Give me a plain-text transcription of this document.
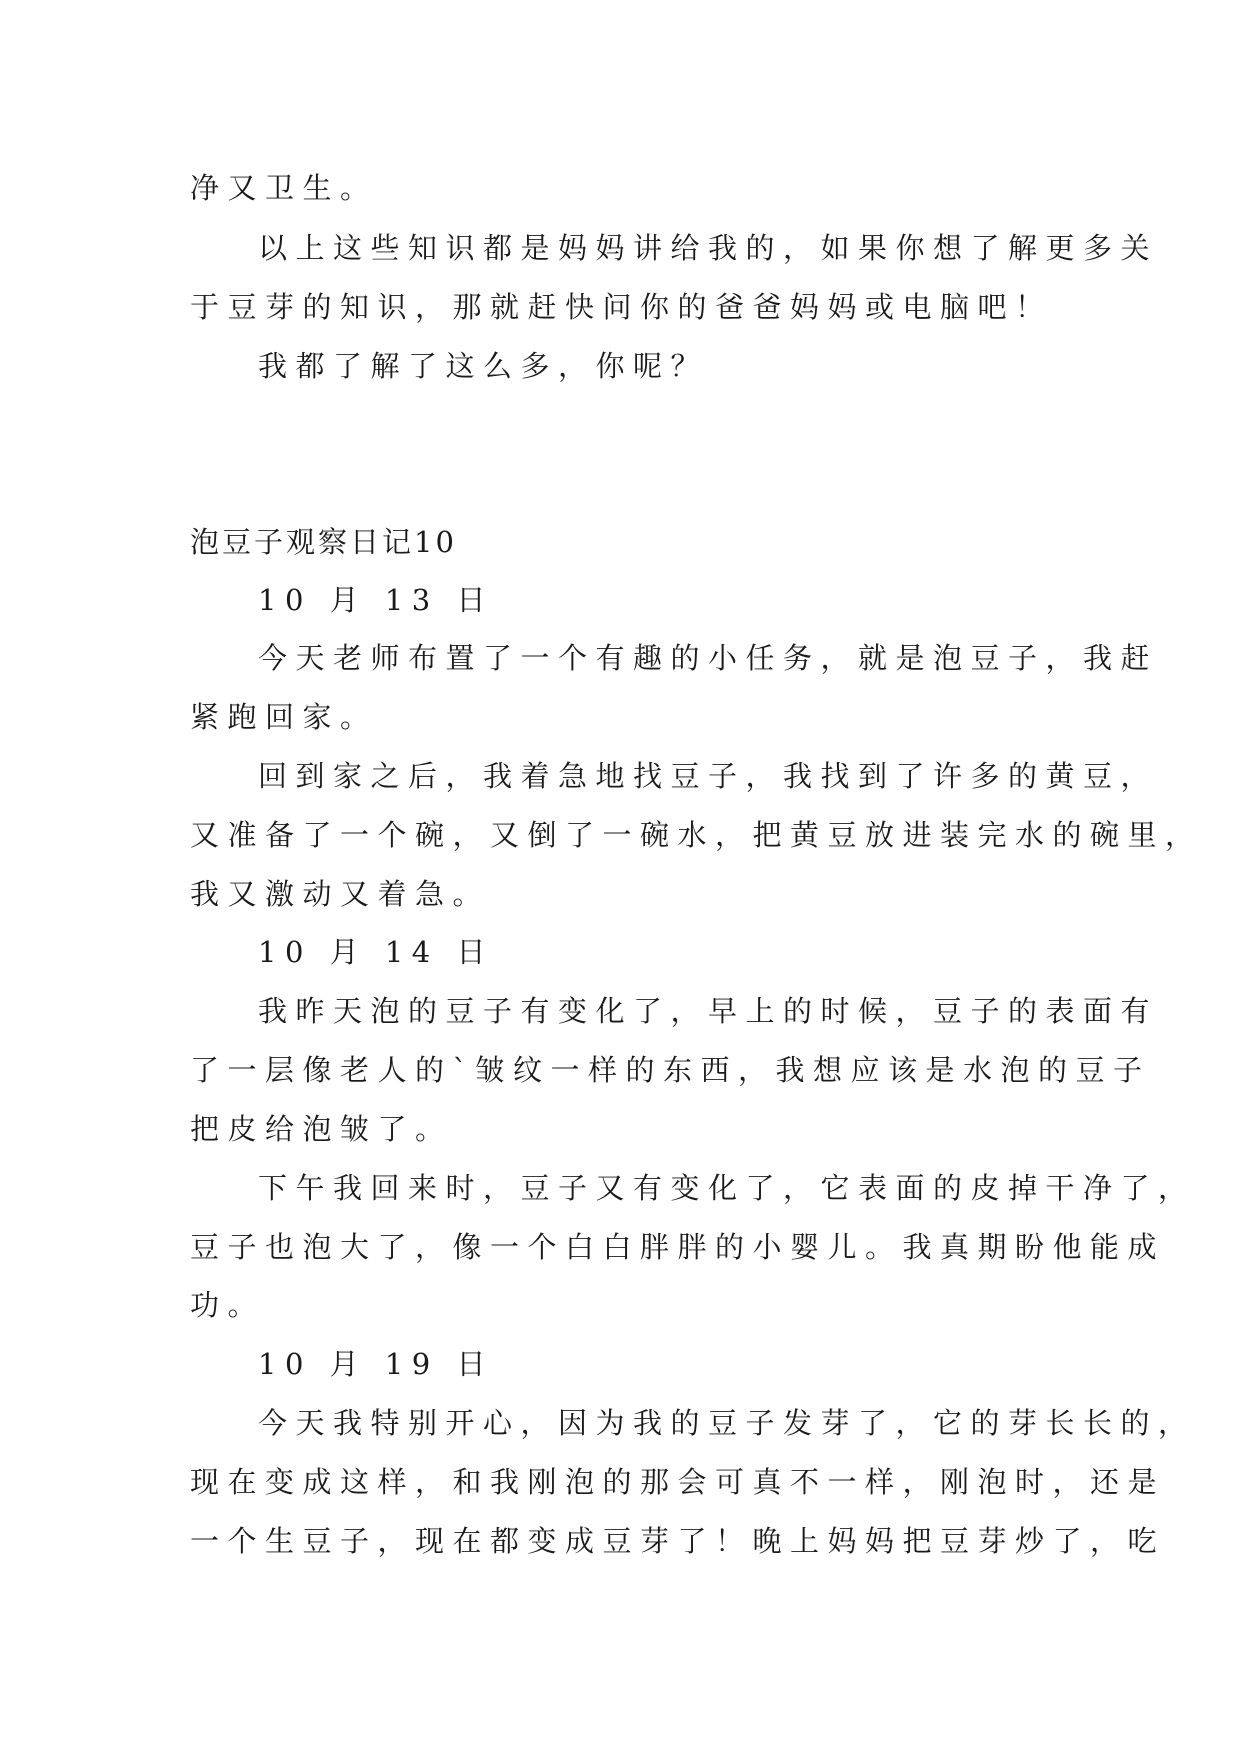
净又卫生。
以上这些知识都是妈妈讲给我的，如果你想了解更多关
于豆芽的知识，那就赶快问你的爸爸妈妈或电脑吧！
我都了解了这么多，你呢？
泡豆子观察日记10
10 月 13 日
今天老师布置了一个有趣的小任务，就是泡豆子，我赶
紧跑回家。
回到家之后，我着急地找豆子，我找到了许多的黄豆，
又准备了一个碗，又倒了一碗水，把黄豆放进装完水的碗里，
我又激动又着急。
10 月 14 日
我昨天泡的豆子有变化了，早上的时候，豆子的表面有
了一层像老人的`皱纹一样的东西，我想应该是水泡的豆子
把皮给泡皱了。
下午我回来时，豆子又有变化了，它表面的皮掉干净了，
豆子也泡大了，像一个白白胖胖的小婴儿。我真期盼他能成
功。
10 月 19 日
今天我特别开心，因为我的豆子发芽了，它的芽长长的，
现在变成这样，和我刚泡的那会可真不一样，刚泡时，还是
一个生豆子，现在都变成豆芽了！晚上妈妈把豆芽炒了，吃
